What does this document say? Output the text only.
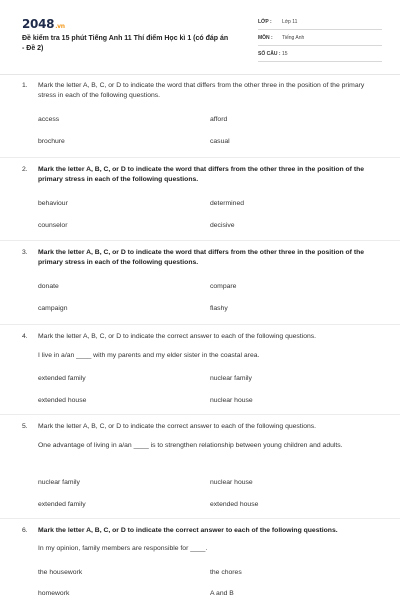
2048.vn
Đề kiểm tra 15 phút Tiếng Anh 11 Thí điểm Học kì 1 (có đáp án - Đề 2)
LỚP : Lớp 11
MÔN : Tiếng Anh
SỐ CÂU : 15
1. Mark the letter A, B, C, or D to indicate the word that differs from the other three in the position of the primary stress in each of the following questions.
access	afford
brochure	casual
2. Mark the letter A, B, C, or D to indicate the word that differs from the other three in the position of the primary stress in each of the following questions.
behaviour	determined
counselor	decisive
3. Mark the letter A, B, C, or D to indicate the word that differs from the other three in the position of the primary stress in each of the following questions.
donate	compare
campaign	flashy
4. Mark the letter A, B, C, or D to indicate the correct answer to each of the following questions.
I live in a/an ____ with my parents and my elder sister in the coastal area.
extended family	nuclear family
extended house	nuclear house
5. Mark the letter A, B, C, or D to indicate the correct answer to each of the following questions.
One advantage of living in a/an ____ is to strengthen relationship between young children and adults.
nuclear family	nuclear house
extended family	extended house
6. Mark the letter A, B, C, or D to indicate the correct answer to each of the following questions.
In my opinion, family members are responsible for ____.
the housework	the chores
homework	A and B
